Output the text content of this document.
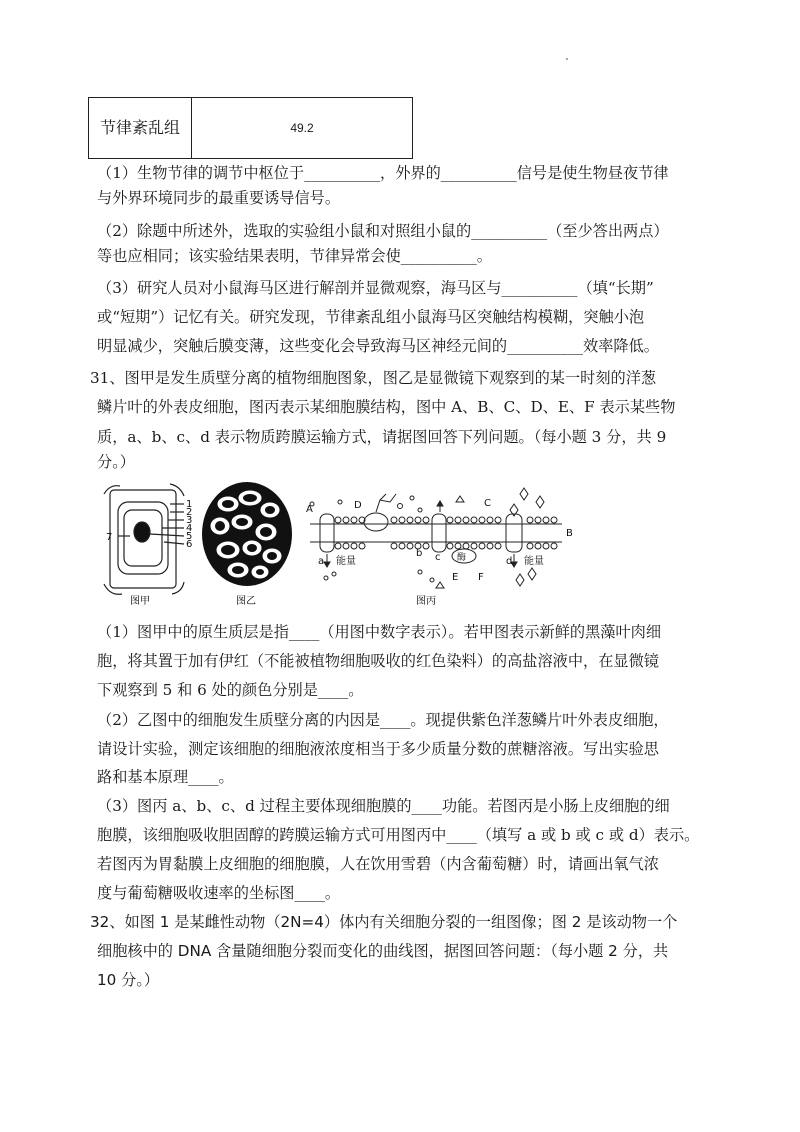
节律紊乱组	49.2
（1）生物节律的调节中枢位于__________，外界的__________信号是使生物昼夜节律
与外界环境同步的最重要诱导信号。
（2）除题中所述外，选取的实验组小鼠和对照组小鼠的__________（至少答出两点）
等也应相同；该实验结果表明，节律异常会使__________。
（3）研究人员对小鼠海马区进行解剖并显微观察，海马区与__________（填“长期”
或“短期”）记忆有关。研究发现，节律紊乱组小鼠海马区突触结构模糊，突触小泡
明显减少，突触后膜变薄，这些变化会导致海马区神经元间的__________效率降低。
31、图甲是发生质壁分离的植物细胞图象，图乙是显微镜下观察到的某一时刻的洋葱
鳞片叶的外表皮细胞，图丙表示某细胞膜结构，图中 A、B、C、D、E、F 表示某些物
质，a、b、c、d 表示物质跨膜运输方式，请据图回答下列问题。（每小题 3 分，共 9
分。）
1
2
3
4
5
6
7
图甲	图乙
A
B
C
D
E F
a
b c	d
能量	能量
酶
图丙
（1）图甲中的原生质层是指____（用图中数字表示）。若甲图表示新鲜的黑藻叶肉细
胞，将其置于加有伊红（不能被植物细胞吸收的红色染料）的高盐溶液中，在显微镜
下观察到 5 和 6 处的颜色分别是____。
（2）乙图中的细胞发生质壁分离的内因是____。现提供紫色洋葱鳞片叶外表皮细胞，
请设计实验，测定该细胞的细胞液浓度相当于多少质量分数的蔗糖溶液。写出实验思
路和基本原理____。
（3）图丙 a、b、c、d 过程主要体现细胞膜的____功能。若图丙是小肠上皮细胞的细
胞膜，该细胞吸收胆固醇的跨膜运输方式可用图丙中____（填写 a 或 b 或 c 或 d）表示。
若图丙为胃黏膜上皮细胞的细胞膜，人在饮用雪碧（内含葡萄糖）时，请画出氧气浓
度与葡萄糖吸收速率的坐标图____。
32、如图 1 是某雌性动物（2N=4）体内有关细胞分裂的一组图像；图 2 是该动物一个
细胞核中的 DNA 含量随细胞分裂而变化的曲线图，据图回答问题：（每小题 2 分，共
10 分。）
